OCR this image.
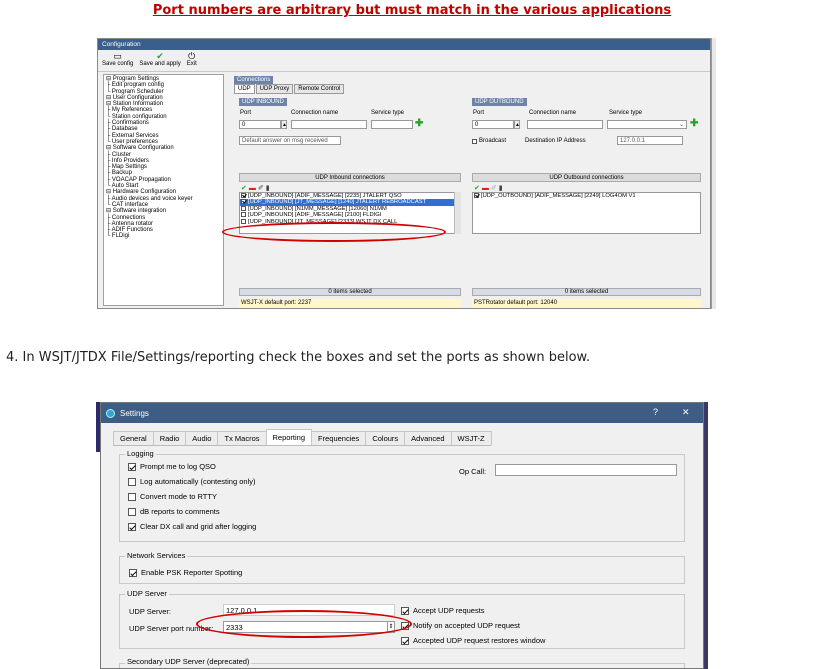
Port numbers are arbitrary but must match in the various applications
Configuration
▭
Save config
✔
Save and apply
⏻
Exit
⊟ Program Settings
├ Edit program config
└ Program Scheduler
⊟ User Configuration
⊟ Station Information
├ My References
└ Station configuration
├ Confirmations
├ Database
├ External Services
└ User preferences
⊟ Software Configuration
├ Cluster
├ Info Providers
├ Map Settings
├ Backup
├ VOACAP Propagation
└ Auto Start
⊟ Hardware Configuration
├ Audio devices and voice keyer
└ CAT interface
⊟ Software integration
├ Connections
├ Antenna rotator
├ ADIF Functions
└ FLDigi
Connections
UDP	UDP Proxy	Remote Control
UDP INBOUND
Port	Connection name	Service type
0	▲	✚
Default answer on msg received
UDP Inbound connections
✔▬✐▮
[UDP_INBOUND] [ADIF_MESSAGE] [2235] JTALERT QSO
[UDP_INBOUND] [JT_MESSAGE] [1240] JTALERT REBROADCAST
[UDP_INBOUND] [N1MM_MESSAGE] [12060] N1MM
[UDP_INBOUND] [ADIF_MESSAGE] [2100] FLDIGI
[UDP_INBOUND] [JT_MESSAGE] [2333] WSJT DX CALL
0 items selected
WSJT-X default port: 2237
UDP OUTBOUND
Port	Connection name	Service type
0	▲	⌄ ✚
Broadcast	Destination IP Address	127.0.0.1
UDP Outbound connections
✔▬✐▮
[UDP_OUTBOUND] [ADIF_MESSAGE] [2249] LOG4OM V1
0 items selected
PSTRotator default port: 12040
4. In WSJT/JTDX File/Settings/reporting check the boxes and set the ports as shown below.
Settings	?	✕
General	Radio	Audio	Tx Macros	Reporting	Frequencies	Colours	Advanced	WSJT-Z
Logging
Op Call:
Network Services
Enable PSK Reporter Spotting
UDP Server
UDP Server:	127.0.0.1
UDP Server port number:	2333	⇕
Accept UDP requests
Notify on accepted UDP request
Accepted UDP request restores window
Secondary UDP Server (deprecated)
Prompt me to log QSO
Log automatically (contesting only)
Convert mode to RTTY
dB reports to comments
Clear DX call and grid after logging
